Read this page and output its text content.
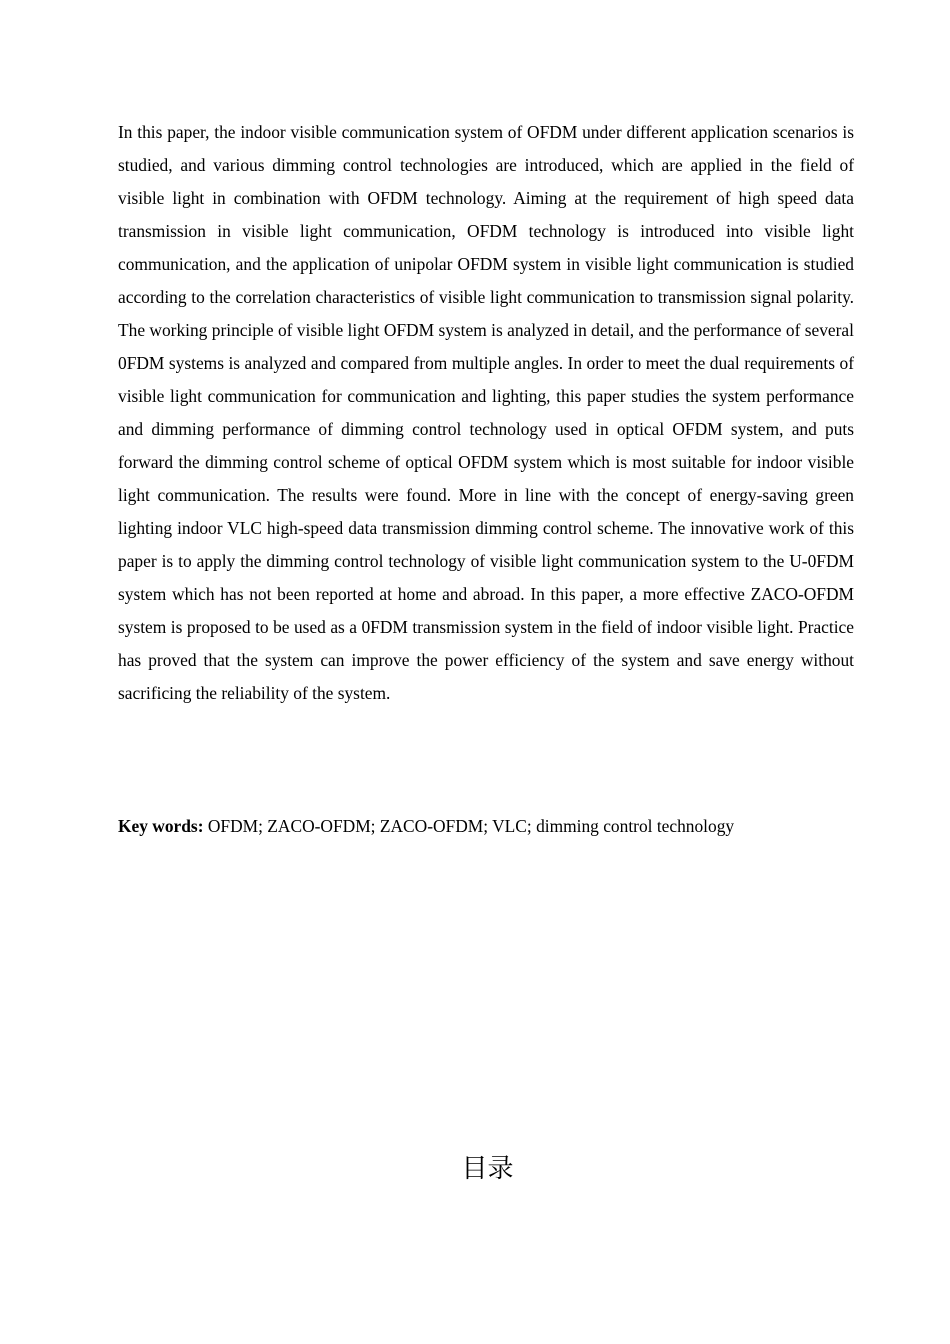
In this paper, the indoor visible communication system of OFDM under different application scenarios is studied, and various dimming control technologies are introduced, which are applied in the field of visible light in combination with OFDM technology. Aiming at the requirement of high speed data transmission in visible light communication, OFDM technology is introduced into visible light communication, and the application of unipolar OFDM system in visible light communication is studied according to the correlation characteristics of visible light communication to transmission signal polarity. The working principle of visible light OFDM system is analyzed in detail, and the performance of several 0FDM systems is analyzed and compared from multiple angles. In order to meet the dual requirements of visible light communication for communication and lighting, this paper studies the system performance and dimming performance of dimming control technology used in optical OFDM system, and puts forward the dimming control scheme of optical OFDM system which is most suitable for indoor visible light communication. The results were found. More in line with the concept of energy-saving green lighting indoor VLC high-speed data transmission dimming control scheme. The innovative work of this paper is to apply the dimming control technology of visible light communication system to the U-0FDM system which has not been reported at home and abroad. In this paper, a more effective ZACO-OFDM system is proposed to be used as a 0FDM transmission system in the field of indoor visible light. Practice has proved that the system can improve the power efficiency of the system and save energy without sacrificing the reliability of the system.

Key words: OFDM; ZACO-OFDM; ZACO-OFDM; VLC; dimming control technology

目录
